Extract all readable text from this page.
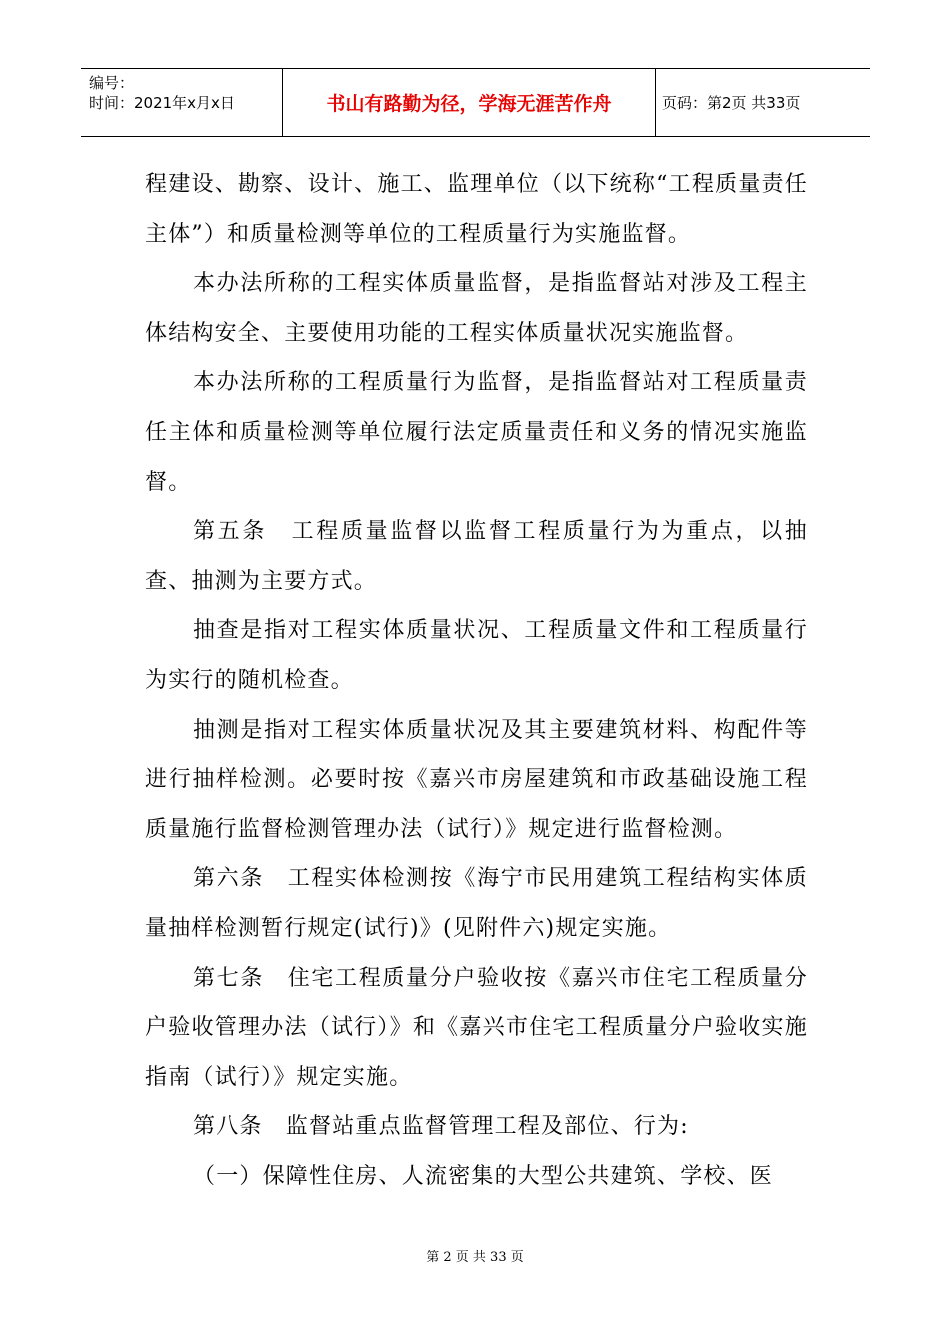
编号：
时间：2021年x月x日	书山有路勤为径，学海无涯苦作舟	页码：第2页 共33页

程建设、勘察、设计、施工、监理单位（以下统称“工程质量责任主体”）和质量检测等单位的工程质量行为实施监督。

本办法所称的工程实体质量监督，是指监督站对涉及工程主体结构安全、主要使用功能的工程实体质量状况实施监督。

本办法所称的工程质量行为监督，是指监督站对工程质量责任主体和质量检测等单位履行法定质量责任和义务的情况实施监督。

第五条　工程质量监督以监督工程质量行为为重点，以抽查、抽测为主要方式。

抽查是指对工程实体质量状况、工程质量文件和工程质量行为实行的随机检查。

抽测是指对工程实体质量状况及其主要建筑材料、构配件等进行抽样检测。必要时按《嘉兴市房屋建筑和市政基础设施工程质量施行监督检测管理办法（试行）》规定进行监督检测。

第六条　工程实体检测按《海宁市民用建筑工程结构实体质量抽样检测暂行规定(试行)》(见附件六)规定实施。

第七条　住宅工程质量分户验收按《嘉兴市住宅工程质量分户验收管理办法（试行）》和《嘉兴市住宅工程质量分户验收实施指南（试行）》规定实施。

第八条　监督站重点监督管理工程及部位、行为:

（一）保障性住房、人流密集的大型公共建筑、学校、医

第 2 页 共 33 页
